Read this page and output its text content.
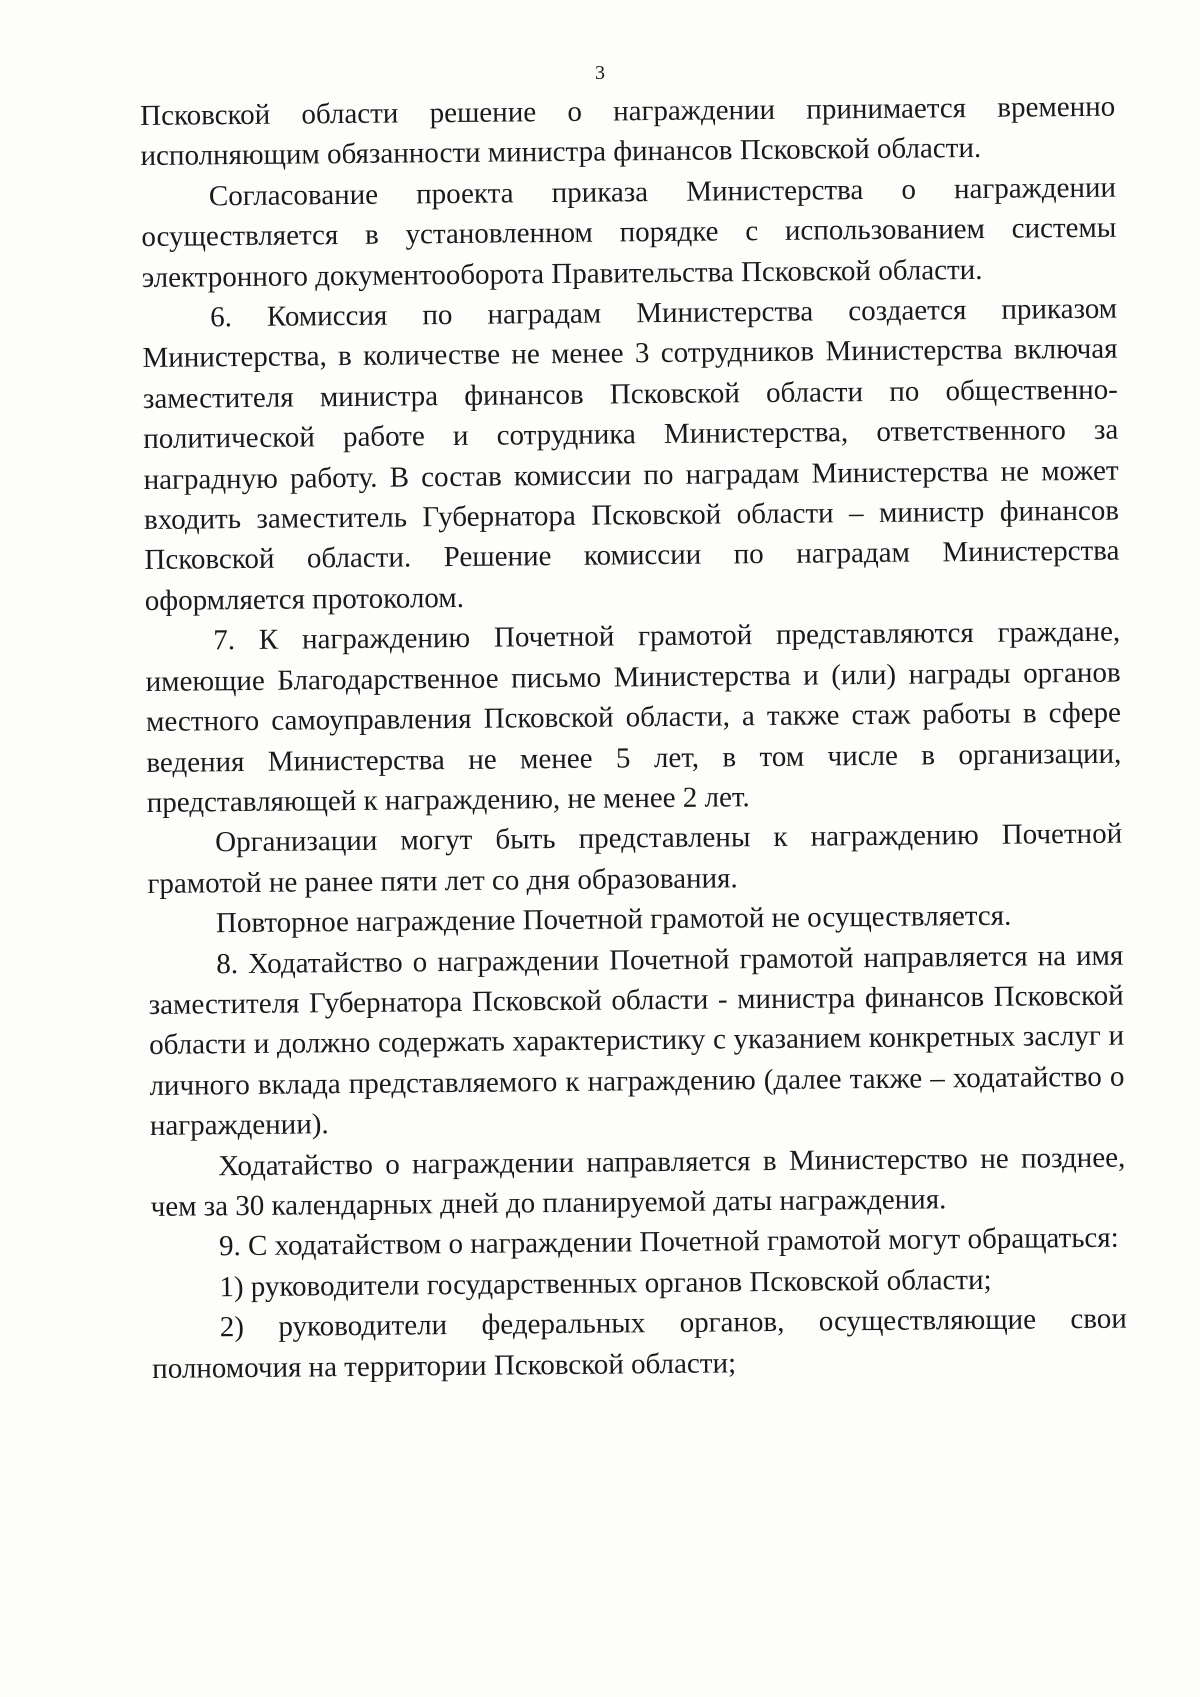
3

Псковской области решение о награждении принимается временно исполняющим обязанности министра финансов Псковской области.

Согласование проекта приказа Министерства о награждении осуществляется в установленном порядке с использованием системы электронного документооборота Правительства Псковской области.

6. Комиссия по наградам Министерства создается приказом Министерства, в количестве не менее 3 сотрудников Министерства включая заместителя министра финансов Псковской области по общественно-политической работе и сотрудника Министерства, ответственного за наградную работу. В состав комиссии по наградам Министерства не может входить заместитель Губернатора Псковской области – министр финансов Псковской области. Решение комиссии по наградам Министерства оформляется протоколом.

7. К награждению Почетной грамотой представляются граждане, имеющие Благодарственное письмо Министерства и (или) награды органов местного самоуправления Псковской области, а также стаж работы в сфере ведения Министерства не менее 5 лет, в том числе в организации, представляющей к награждению, не менее 2 лет.

Организации могут быть представлены к награждению Почетной грамотой не ранее пяти лет со дня образования.

Повторное награждение Почетной грамотой не осуществляется.

8. Ходатайство о награждении Почетной грамотой направляется на имя заместителя Губернатора Псковской области - министра финансов Псковской области и должно содержать характеристику с указанием конкретных заслуг и личного вклада представляемого к награждению (далее также – ходатайство о награждении).

Ходатайство о награждении направляется в Министерство не позднее, чем за 30 календарных дней до планируемой даты награждения.

9. С ходатайством о награждении Почетной грамотой могут обращаться:

1) руководители государственных органов Псковской области;

2) руководители федеральных органов, осуществляющие свои полномочия на территории Псковской области;
